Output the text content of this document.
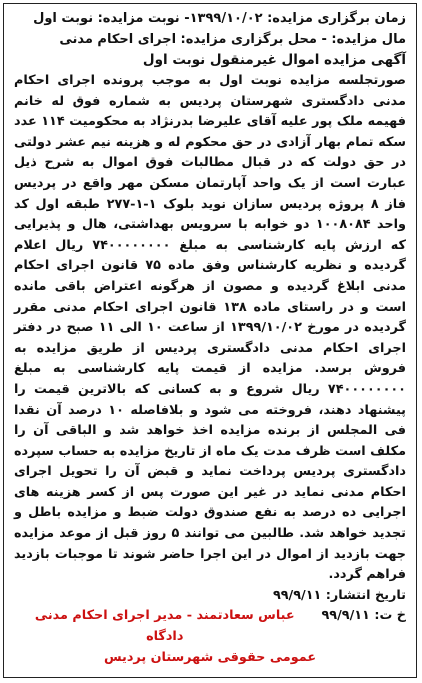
زمان برگزاری مزایده: ۱۳۹۹/۱۰/۰۲- نوبت مزایده: نوبت اول

مال مزایده: - محل برگزاری مزایده: اجرای احکام مدنی

آگهی مزایده اموال غیرمنقول نوبت اول

صورتجلسه مزایده نوبت اول به موجب پرونده اجرای احکام مدنی دادگستری شهرستان پردیس به شماره فوق له خانم فهیمه ملک پور علیه آقای علیرضا بدرنژاد به محکومیت ۱۱۴ عدد سکه تمام بهار آزادی در حق محکوم له و هزینه نیم عشر دولتی در حق دولت که در قبال مطالبات فوق اموال به شرح ذیل عبارت است از یک واحد آپارتمان مسکن مهر واقع در پردیس فاز ۸ پروژه پردیس سازان نوید بلوک ۱-۱-۲۷۷ طبقه اول کد واحد ۱۰۰۸۰۸۴ دو خوابه با سرویس بهداشتی، هال و پذیرایی که ارزش پایه کارشناسی به مبلغ ۷۴۰۰۰۰۰۰۰۰ ریال اعلام گردیده و نظریه کارشناس وفق ماده ۷۵ قانون اجرای احکام مدنی ابلاغ گردیده و مصون از هرگونه اعتراض باقی مانده است و در راستای ماده ۱۳۸ قانون اجرای احکام مدنی مقرر گردیده در مورخ ۱۳۹۹/۱۰/۰۲ از ساعت ۱۰ الی ۱۱ صبح در دفتر اجرای احکام مدنی دادگستری پردیس از طریق مزایده به فروش برسد. مزایده از قیمت پایه کارشناسی به مبلغ ۷۴۰۰۰۰۰۰۰۰ ریال شروع و به کسانی که بالاترین قیمت را پیشنهاد دهند، فروخته می شود و بلافاصله ۱۰ درصد آن نقدا فی المجلس از برنده مزایده اخذ خواهد شد و الباقی آن را مکلف است ظرف مدت یک ماه از تاریخ مزایده به حساب سپرده دادگستری پردیس پرداخت نماید و قبض آن را تحویل اجرای احکام مدنی نماید در غیر این صورت پس از کسر هزینه های اجرایی ده درصد به نفع صندوق دولت ضبط و مزایده باطل و تجدید خواهد شد. طالبین می توانند ۵ روز قبل از موعد مزایده جهت بازدید از اموال در این اجرا حاضر شوند تا موجبات بازدید فراهم گردد.

تاریخ انتشار: ۹۹/۹/۱۱

خ ت: ۹۹/۹/۱۱
عباس سعادتمند - مدیر اجرای احکام مدنی دادگاه

عمومی حقوقی شهرستان پردیس
